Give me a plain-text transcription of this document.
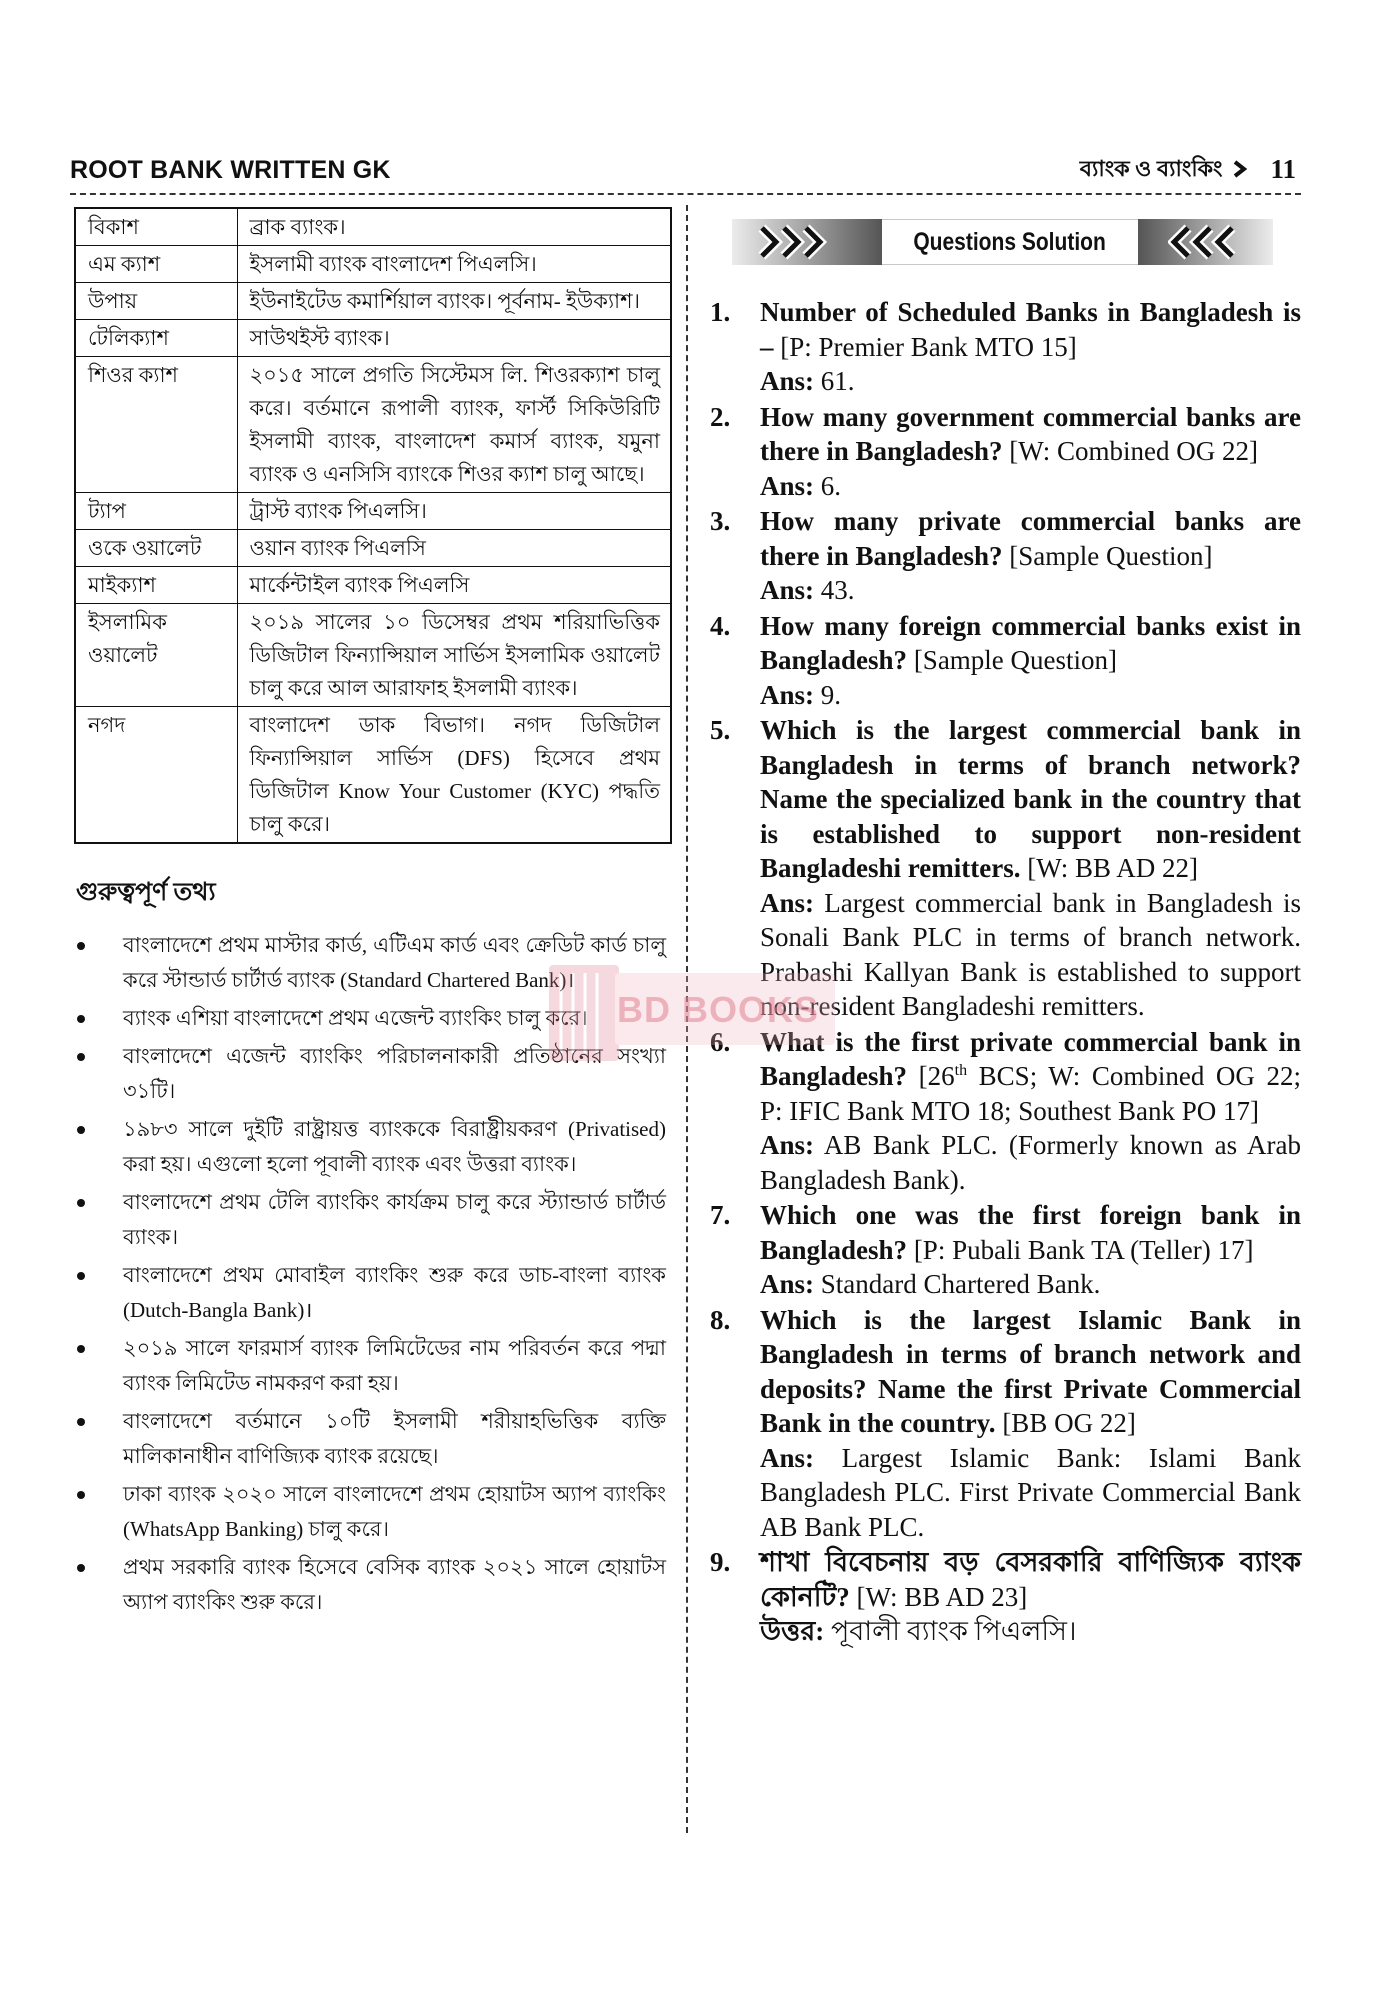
ROOT BANK WRITTEN GK	ব্যাংক ও ব্যাংকিং 11
বিকাশ	ব্রাক ব্যাংক।
এম ক্যাশ	ইসলামী ব্যাংক বাংলাদেশ পিএলসি।
উপায়	ইউনাইটেড কমার্শিয়াল ব্যাংক। পূর্বনাম- ইউক্যাশ।
টেলিক্যাশ	সাউথইস্ট ব্যাংক।
শিওর ক্যাশ	২০১৫ সালে প্রগতি সিস্টেমস লি. শিওরক্যাশ চালু করে। বর্তমানে রূপালী ব্যাংক, ফার্স্ট সিকিউরিটি ইসলামী ব্যাংক, বাংলাদেশ কমার্স ব্যাংক, যমুনা ব্যাংক ও এনসিসি ব্যাংকে শিওর ক্যাশ চালু আছে।
ট্যাপ	ট্রাস্ট ব্যাংক পিএলসি।
ওকে ওয়ালেট	ওয়ান ব্যাংক পিএলসি
মাইক্যাশ	মার্কেন্টাইল ব্যাংক পিএলসি
ইসলামিক ওয়ালেট	২০১৯ সালের ১০ ডিসেম্বর প্রথম শরিয়াভিত্তিক ডিজিটাল ফিন্যান্সিয়াল সার্ভিস ইসলামিক ওয়ালেট চালু করে আল আরাফাহ ইসলামী ব্যাংক।
নগদ	বাংলাদেশ ডাক বিভাগ। নগদ ডিজিটাল ফিন্যান্সিয়াল সার্ভিস (DFS) হিসেবে প্রথম ডিজিটাল Know Your Customer (KYC) পদ্ধতি চালু করে।
গুরুত্বপূর্ণ তথ্য
বাংলাদেশে প্রথম মাস্টার কার্ড, এটিএম কার্ড এবং ক্রেডিট কার্ড চালু করে স্টান্ডার্ড চার্টার্ড ব্যাংক (Standard Chartered Bank)।
ব্যাংক এশিয়া বাংলাদেশে প্রথম এজেন্ট ব্যাংকিং চালু করে।
বাংলাদেশে এজেন্ট ব্যাংকিং পরিচালনাকারী প্রতিষ্ঠানের সংখ্যা ৩১টি।
১৯৮৩ সালে দুইটি রাষ্ট্রায়ত্ত ব্যাংককে বিরাষ্ট্রীয়করণ (Privatised) করা হয়। এগুলো হলো পূবালী ব্যাংক এবং উত্তরা ব্যাংক।
বাংলাদেশে প্রথম টেলি ব্যাংকিং কার্যক্রম চালু করে স্ট্যান্ডার্ড চার্টার্ড ব্যাংক।
বাংলাদেশে প্রথম মোবাইল ব্যাংকিং শুরু করে ডাচ-বাংলা ব্যাংক (Dutch-Bangla Bank)।
২০১৯ সালে ফারমার্স ব্যাংক লিমিটেডের নাম পরিবর্তন করে পদ্মা ব্যাংক লিমিটেড নামকরণ করা হয়।
বাংলাদেশে বর্তমানে ১০টি ইসলামী শরীয়াহভিত্তিক ব্যক্তি মালিকানাধীন বাণিজ্যিক ব্যাংক রয়েছে।
ঢাকা ব্যাংক ২০২০ সালে বাংলাদেশে প্রথম হোয়াটস অ্যাপ ব্যাংকিং (WhatsApp Banking) চালু করে।
প্রথম সরকারি ব্যাংক হিসেবে বেসিক ব্যাংক ২০২১ সালে হোয়াটস অ্যাপ ব্যাংকিং শুরু করে।
Questions Solution
1.	Number of Scheduled Banks in Bangladesh is – [P: Premier Bank MTO 15]
Ans: 61.
2.	How many government commercial banks are there in Bangladesh? [W: Combined OG 22]
Ans: 6.
3.	How many private commercial banks are there in Bangladesh? [Sample Question]
Ans: 43.
4.	How many foreign commercial banks exist in Bangladesh? [Sample Question]
Ans: 9.
5.	Which is the largest commercial bank in Bangladesh in terms of branch network? Name the specialized bank in the country that is established to support non-resident Bangladeshi remitters. [W: BB AD 22]
Ans: Largest commercial bank in Bangladesh is Sonali Bank PLC in terms of branch network. Prabashi Kallyan Bank is established to support non-resident Bangladeshi remitters.
6.	What is the first private commercial bank in Bangladesh? [26th BCS; W: Combined OG 22; P: IFIC Bank MTO 18; Southest Bank PO 17]
Ans: AB Bank PLC. (Formerly known as Arab Bangladesh Bank).
7.	Which one was the first foreign bank in Bangladesh? [P: Pubali Bank TA (Teller) 17]
Ans: Standard Chartered Bank.
8.	Which is the largest Islamic Bank in Bangladesh in terms of branch network and deposits? Name the first Private Commercial Bank in the country. [BB OG 22]
Ans: Largest Islamic Bank: Islami Bank Bangladesh PLC. First Private Commercial Bank AB Bank PLC.
9.	শাখা বিবেচনায় বড় বেসরকারি বাণিজ্যিক ব্যাংক কোনটি? [W: BB AD 23]
উত্তর: পূবালী ব্যাংক পিএলসি।
BD BOOKS
